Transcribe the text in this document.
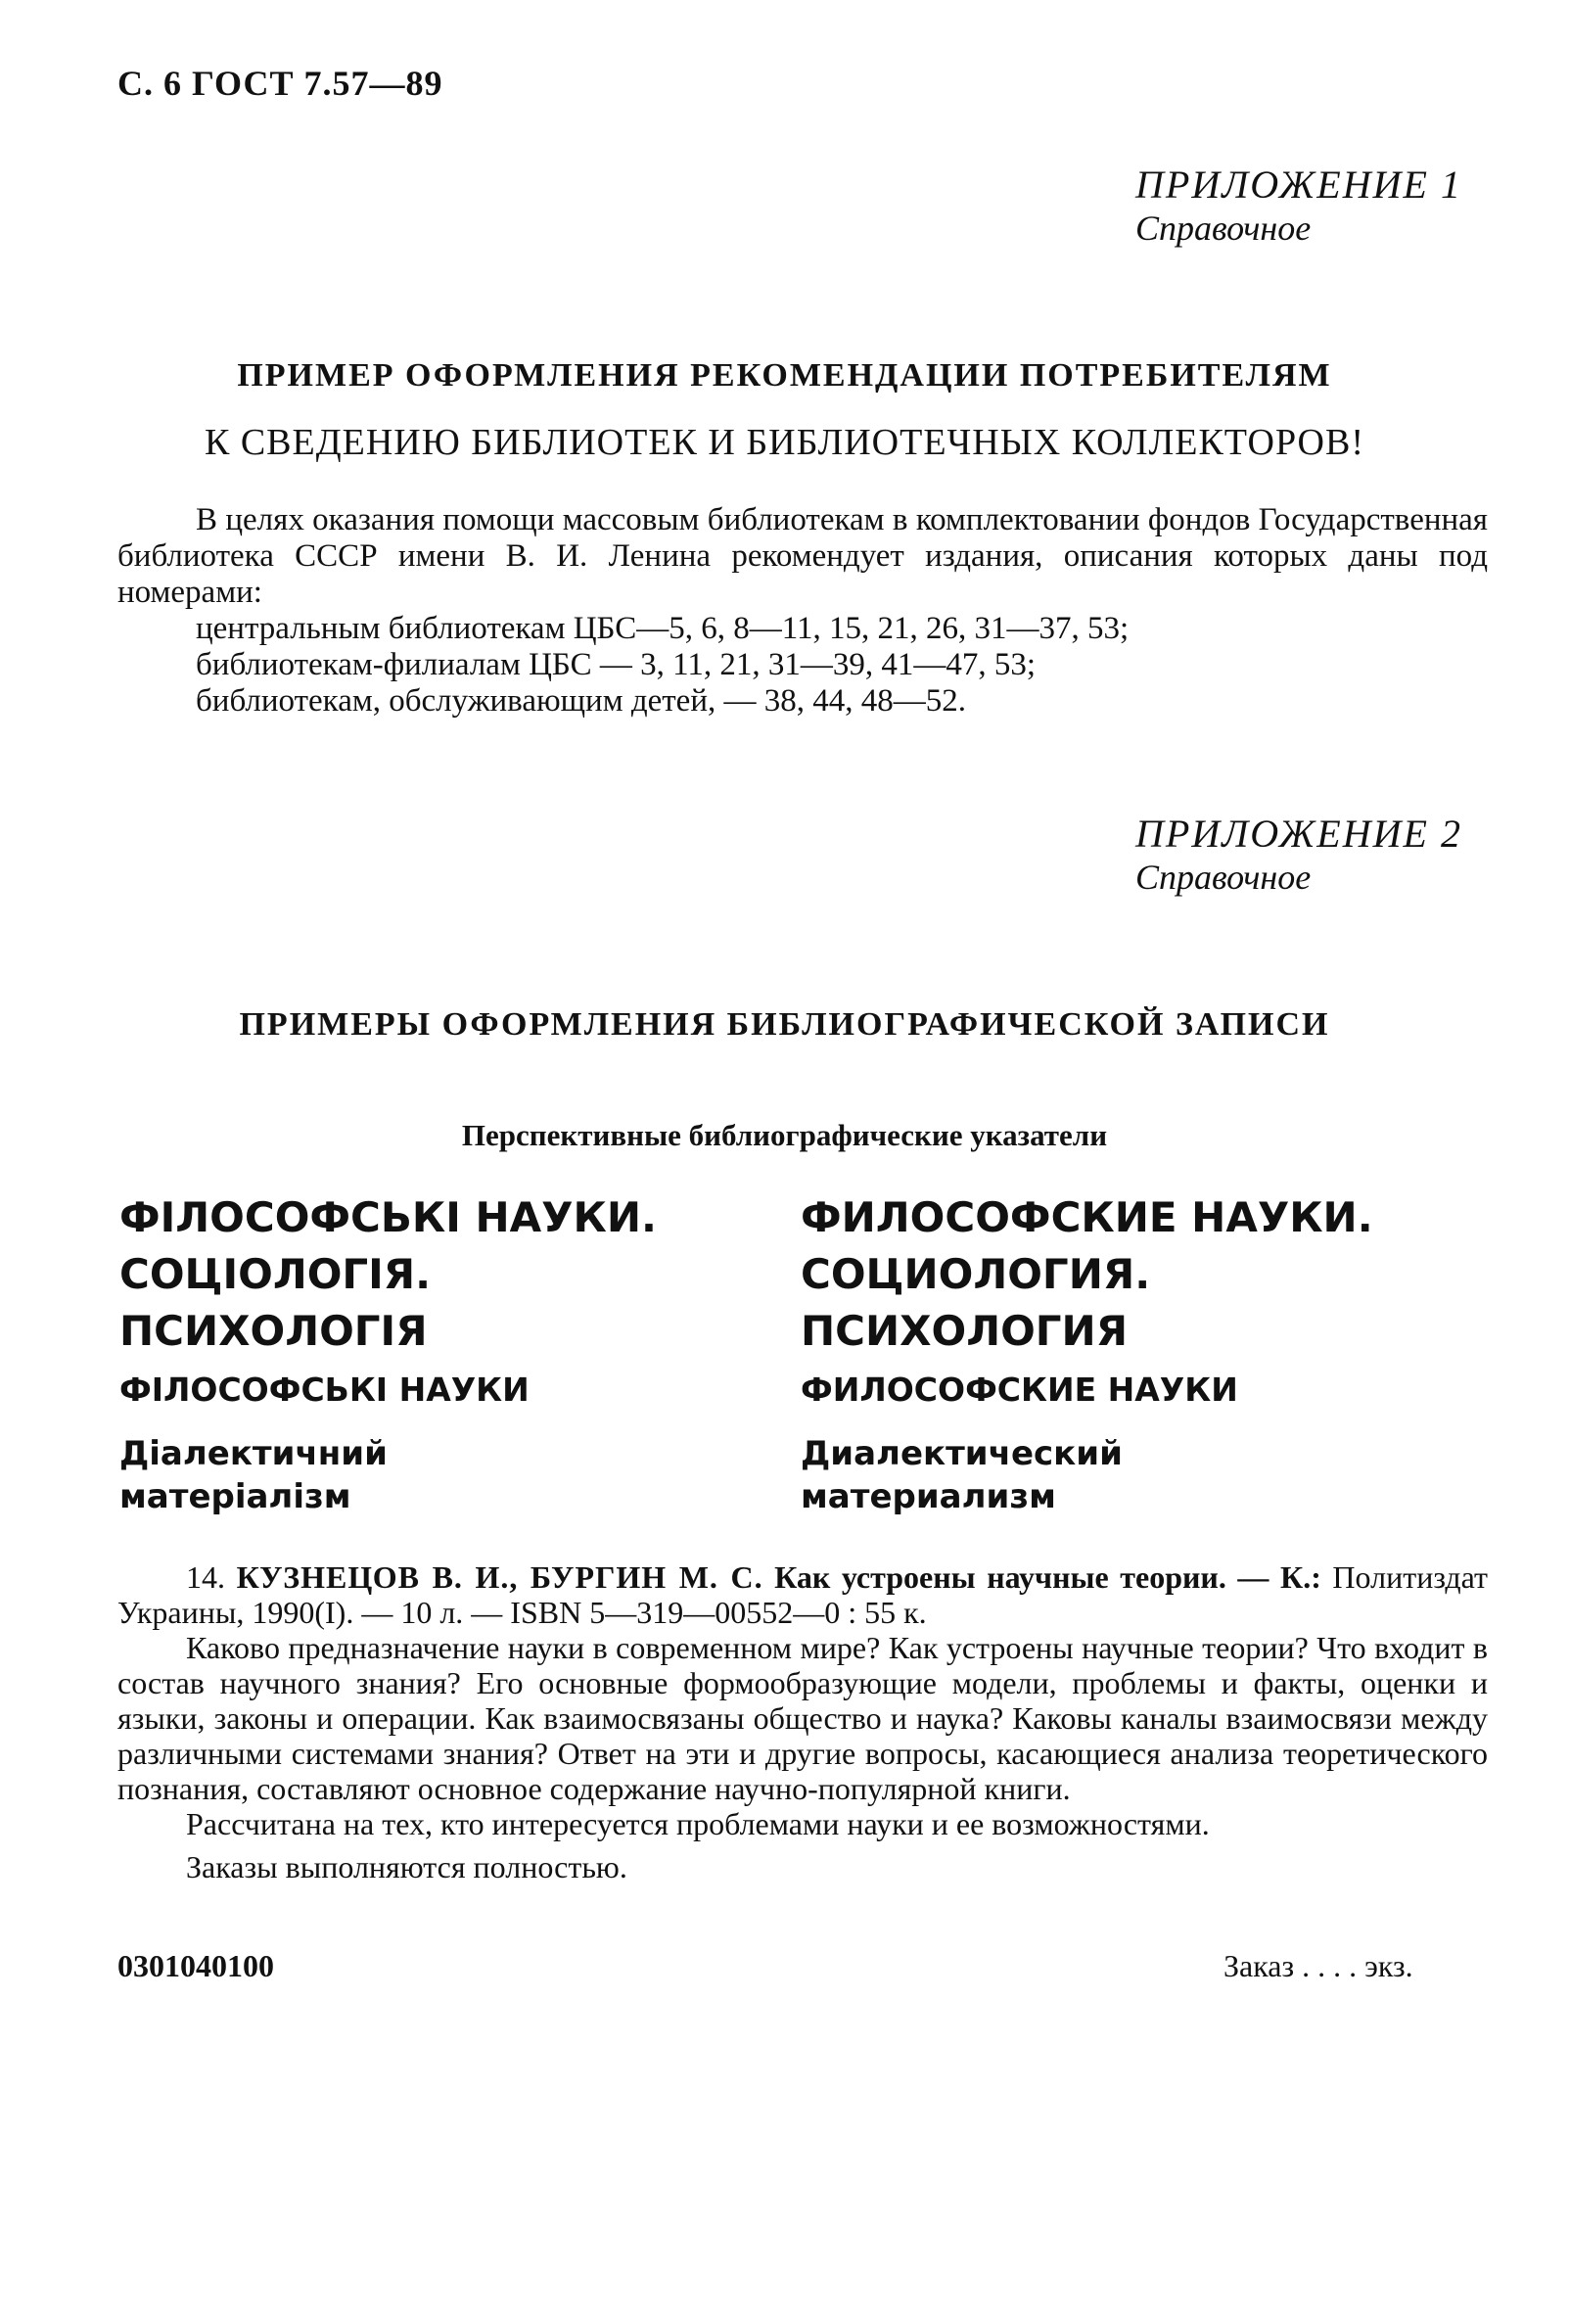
С. 6 ГОСТ 7.57—89
ПРИЛОЖЕНИЕ 1
Справочное
ПРИМЕР ОФОРМЛЕНИЯ РЕКОМЕНДАЦИИ ПОТРЕБИТЕЛЯМ
К СВЕДЕНИЮ БИБЛИОТЕК И БИБЛИОТЕЧНЫХ КОЛЛЕКТОРОВ!
В целях оказания помощи массовым библиотекам в комплектовании фондов Государственная библиотека СССР имени В. И. Ленина рекомендует издания, описания которых даны под номерами:
центральным библиотекам ЦБС—5, 6, 8—11, 15, 21, 26, 31—37, 53;
библиотекам-филиалам ЦБС — 3, 11, 21, 31—39, 41—47, 53;
библиотекам, обслуживающим детей, — 38, 44, 48—52.
ПРИЛОЖЕНИЕ 2
Справочное
ПРИМЕРЫ ОФОРМЛЕНИЯ БИБЛИОГРАФИЧЕСКОЙ ЗАПИСИ
Перспективные библиографические указатели
ФІЛОСОФСЬКІ НАУКИ.
СОЦІОЛОГІЯ.
ПСИХОЛОГІЯ
ФІЛОСОФСЬКІ НАУКИ
Діалектичний
матеріалізм
ФИЛОСОФСКИЕ НАУКИ.
СОЦИОЛОГИЯ.
ПСИХОЛОГИЯ
ФИЛОСОФСКИЕ НАУКИ
Диалектический
материализм

14. КУЗНЕЦОВ В. И., БУРГИН М. С. Как устроены научные теории. — К.: Политиздат Украины, 1990(I). — 10 л. — ISBN 5—319—00552—0 : 55 к.

Каково предназначение науки в современном мире? Как устроены научные теории? Что входит в состав научного знания? Его основные формообразующие модели, проблемы и факты, оценки и языки, законы и операции. Как взаимосвязаны общество и наука? Каковы каналы взаимосвязи между различными системами знания? Ответ на эти и другие вопросы, касающиеся анализа теоретического познания, составляют основное содержание научно-популярной книги.

Рассчитана на тех, кто интересуется проблемами науки и ее возможностями.

Заказы выполняются полностью.

0301040100	Заказ . . . . экз.
